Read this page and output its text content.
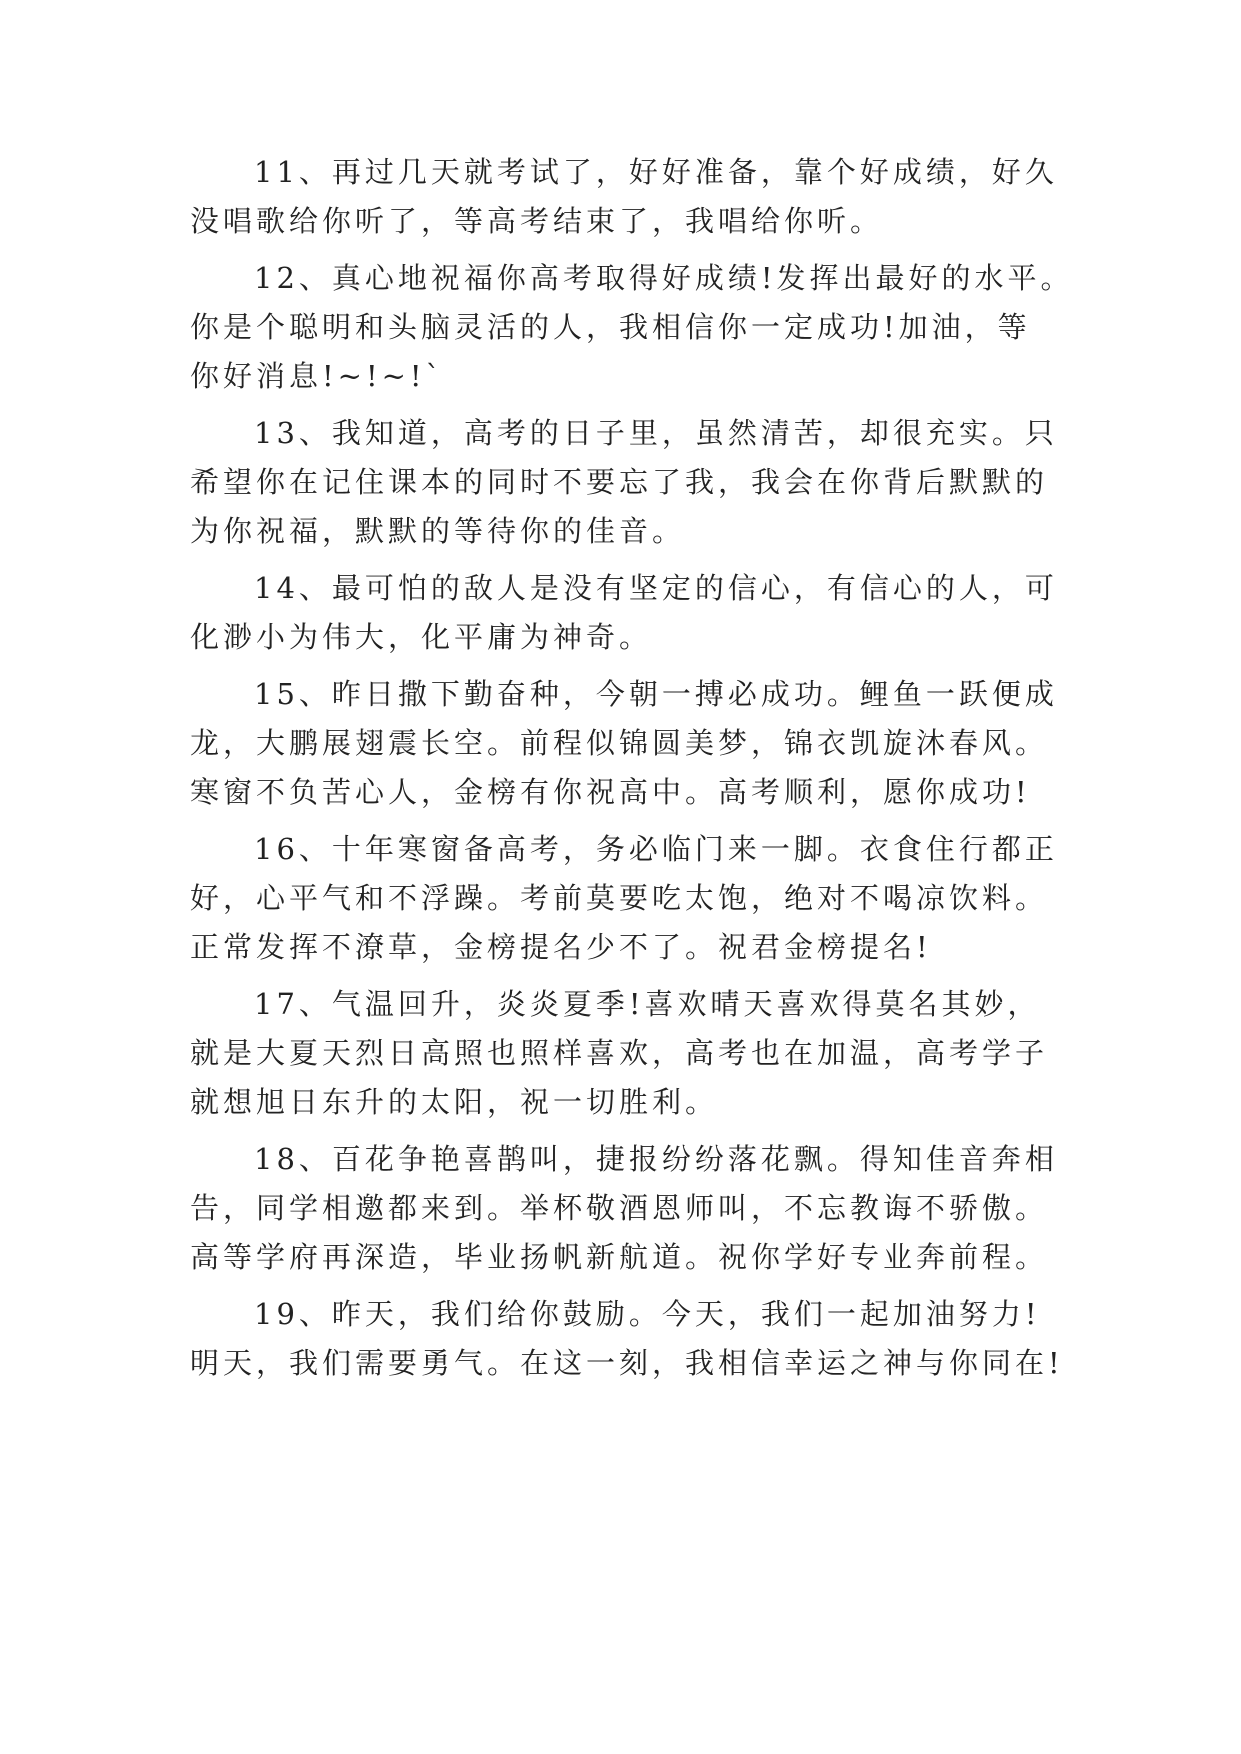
11、再过几天就考试了，好好准备，靠个好成绩，好久
没唱歌给你听了，等高考结束了，我唱给你听。

12、真心地祝福你高考取得好成绩!发挥出最好的水平。
你是个聪明和头脑灵活的人，我相信你一定成功!加油，等
你好消息!~!~!`

13、我知道，高考的日子里，虽然清苦，却很充实。只
希望你在记住课本的同时不要忘了我，我会在你背后默默的
为你祝福，默默的等待你的佳音。

14、最可怕的敌人是没有坚定的信心，有信心的人，可
化渺小为伟大，化平庸为神奇。

15、昨日撒下勤奋种，今朝一搏必成功。鲤鱼一跃便成
龙，大鹏展翅震长空。前程似锦圆美梦，锦衣凯旋沐春风。
寒窗不负苦心人，金榜有你祝高中。高考顺利，愿你成功!

16、十年寒窗备高考，务必临门来一脚。衣食住行都正
好，心平气和不浮躁。考前莫要吃太饱，绝对不喝凉饮料。
正常发挥不潦草，金榜提名少不了。祝君金榜提名!

17、气温回升，炎炎夏季!喜欢晴天喜欢得莫名其妙，
就是大夏天烈日高照也照样喜欢，高考也在加温，高考学子
就想旭日东升的太阳，祝一切胜利。

18、百花争艳喜鹊叫，捷报纷纷落花飘。得知佳音奔相
告，同学相邀都来到。举杯敬酒恩师叫，不忘教诲不骄傲。
高等学府再深造，毕业扬帆新航道。祝你学好专业奔前程。

19、昨天，我们给你鼓励。今天，我们一起加油努力!
明天，我们需要勇气。在这一刻，我相信幸运之神与你同在!
